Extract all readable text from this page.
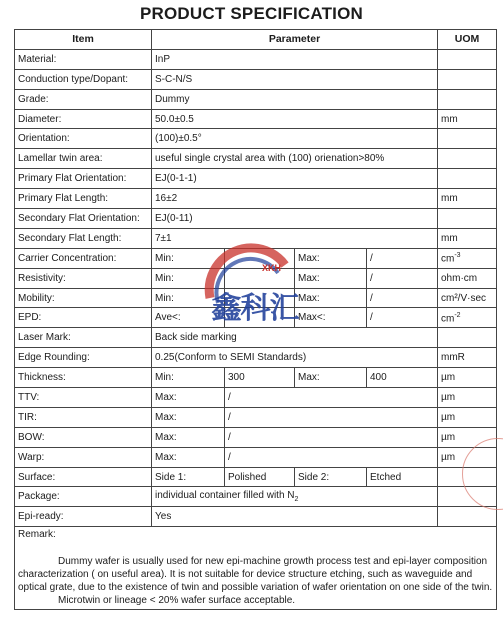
PRODUCT SPECIFICATION
Item	Parameter				UOM
Material:	InP				
Conduction type/Dopant:	S-C-N/S				
Grade:	Dummy				
Diameter:	50.0±0.5				mm
Orientation:	(100)±0.5°				
Lamellar twin area:	useful single crystal area with (100) orienation>80%				
Primary Flat Orientation:	EJ(0-1-1)				
Primary Flat Length:	16±2				mm
Secondary Flat Orientation:	EJ(0-11)				
Secondary Flat Length:	7±1				mm
Carrier Concentration:	Min:		Max:	/	$cm^{-3}$
Resistivity:	Min:		Max:	/	ohm·cm
Mobility:	Min:		Max:	/	cm²/V·sec
EPD:	Ave<:		Max<:	/	$cm^{-2}$
Laser Mark:	Back side marking				
Edge Rounding:	0.25(Conform to SEMI Standards)				mmR
Thickness:	Min:	300	Max:	400	µm
TTV:	Max:	/			µm
TIR:	Max:	/			µm
BOW:	Max:	/			µm
Warp:	Max:	/			µm
Surface:	Side 1:	Polished	Side 2:	Etched	
Package:	individual container filled with $N_2$	
Epi-ready:	Yes				

Remark:
Dummy wafer is usually used for new epi-machine growth process test and epi-layer composition characterization ( on useful area). It is not suitable for device structure etching, such as waveguide and optical grate, due to the existence of twin and possible variation of wafer orientation on one side of the twin.
Microtwin or lineage < 20% wafer surface acceptable.					
XKH
鑫科汇
